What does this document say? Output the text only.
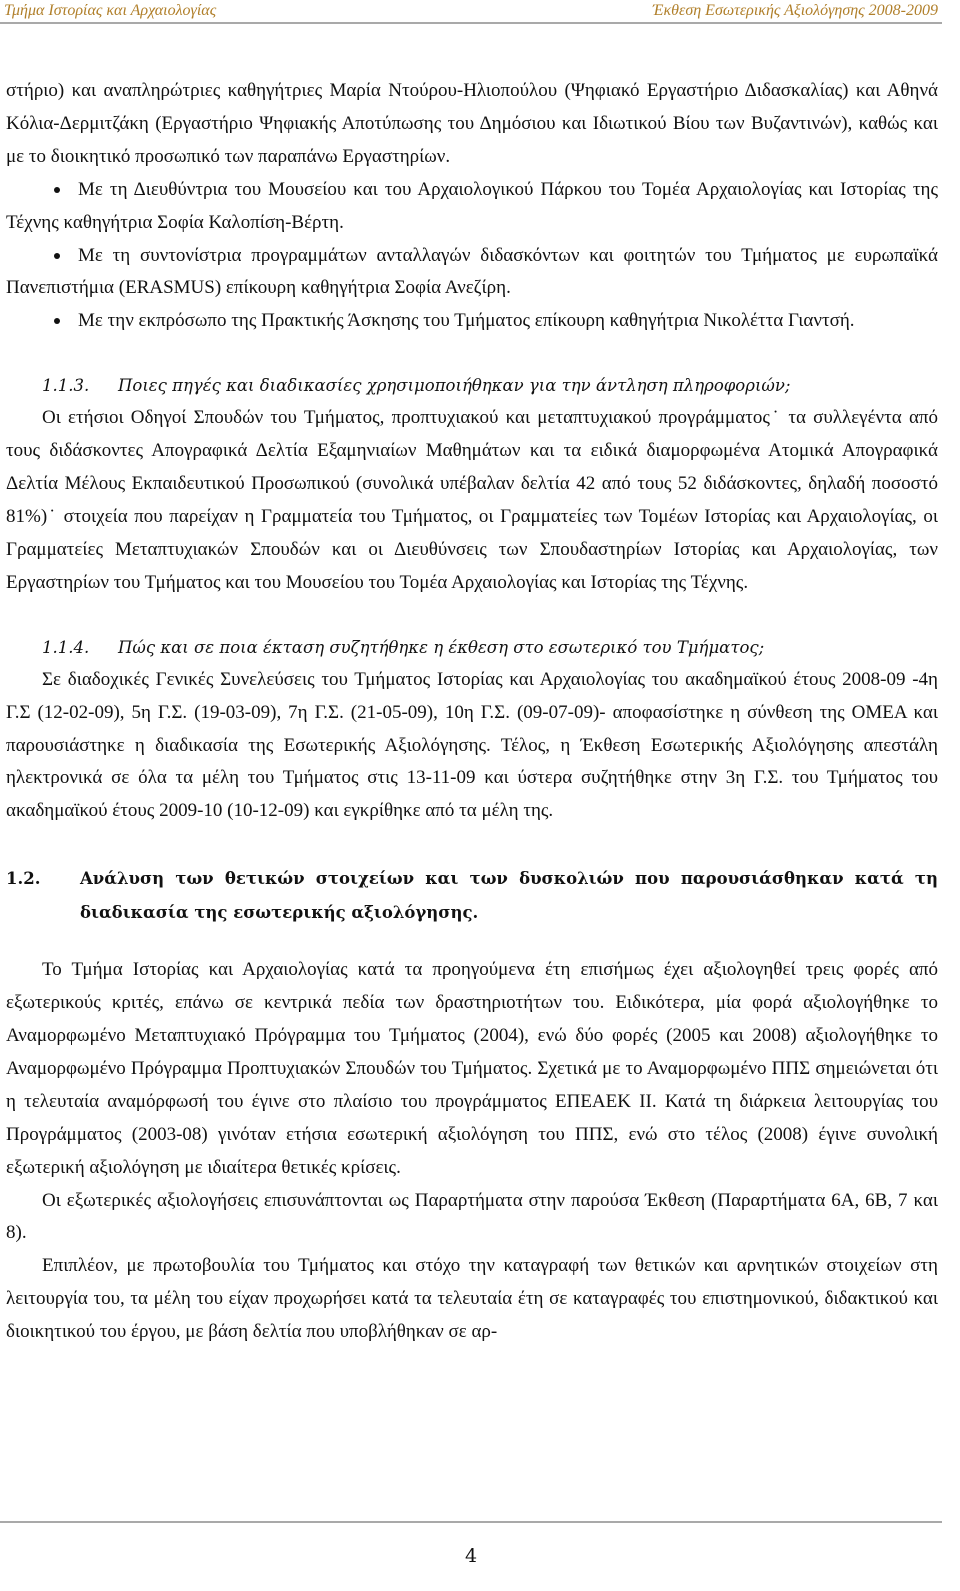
Τμήμα Ιστορίας και Αρχαιολογίας	Έκθεση Εσωτερικής Αξιολόγησης 2008-2009

στήριο) και αναπληρώτριες καθηγήτριες Μαρία Ντούρου-Ηλιοπούλου (Ψηφιακό Εργαστήριο Διδασκαλίας) και Αθηνά Κόλια-Δερμιτζάκη (Εργαστήριο Ψηφιακής Αποτύπωσης του Δημόσιου και Ιδιωτικού Βίου των Βυζαντινών), καθώς και με το διοικητικό προσωπικό των παραπάνω Εργαστηρίων.

Με τη Διευθύντρια του Μουσείου και του Αρχαιολογικού Πάρκου του Τομέα Αρχαιολογίας και Ιστορίας της Τέχνης καθηγήτρια Σοφία Καλοπίση-Βέρτη.

Με τη συντονίστρια προγραμμάτων ανταλλαγών διδασκόντων και φοιτητών του Τμήματος με ευρωπαϊκά Πανεπιστήμια (ERASMUS) επίκουρη καθηγήτρια Σοφία Ανεζίρη.

Με την εκπρόσωπο της Πρακτικής Άσκησης του Τμήματος επίκουρη καθηγήτρια Νικολέττα Γιαντσή.

1.1.3.	Ποιες πηγές και διαδικασίες χρησιμοποιήθηκαν για την άντληση πληροφοριών;

Οι ετήσιοι Οδηγοί Σπουδών του Τμήματος, προπτυχιακού και μεταπτυχιακού προγράμματος˙ τα συλλεγέντα από τους διδάσκοντες Απογραφικά Δελτία Εξαμηνιαίων Μαθημάτων και τα ειδικά διαμορφωμένα Ατομικά Απογραφικά Δελτία Μέλους Εκπαιδευτικού Προσωπικού (συνολικά υπέβαλαν δελτία 42 από τους 52 διδάσκοντες, δηλαδή ποσοστό 81%)˙ στοιχεία που παρείχαν η Γραμματεία του Τμήματος, οι Γραμματείες των Τομέων Ιστορίας και Αρχαιολογίας, οι Γραμματείες Μεταπτυχιακών Σπουδών και οι Διευθύνσεις των Σπουδαστηρίων Ιστορίας και Αρχαιολογίας, των Εργαστηρίων του Τμήματος και του Μουσείου του Τομέα Αρχαιολογίας και Ιστορίας της Τέχνης.

1.1.4.	Πώς και σε ποια έκταση συζητήθηκε η έκθεση στο εσωτερικό του Τμήματος;

Σε διαδοχικές Γενικές Συνελεύσεις του Τμήματος Ιστορίας και Αρχαιολογίας του ακαδημαϊκού έτους 2008-09 -4η Γ.Σ (12-02-09), 5η Γ.Σ. (19-03-09), 7η Γ.Σ. (21-05-09), 10η Γ.Σ. (09-07-09)- αποφασίστηκε η σύνθεση της ΟΜΕΑ και παρουσιάστηκε η διαδικασία της Εσωτερικής Αξιολόγησης. Τέλος, η Έκθεση Εσωτερικής Αξιολόγησης απεστάλη ηλεκτρονικά σε όλα τα μέλη του Τμήματος στις 13-11-09 και ύστερα συζητήθηκε στην 3η Γ.Σ. του Τμήματος του ακαδημαϊκού έτους 2009-10 (10-12-09) και εγκρίθηκε από τα μέλη της.

1.2.	Ανάλυση των θετικών στοιχείων και των δυσκολιών που παρουσιάσθηκαν κατά τη διαδικασία της εσωτερικής αξιολόγησης.

Το Τμήμα Ιστορίας και Αρχαιολογίας κατά τα προηγούμενα έτη επισήμως έχει αξιολογηθεί τρεις φορές από εξωτερικούς κριτές, επάνω σε κεντρικά πεδία των δραστηριοτήτων του. Ειδικότερα, μία φορά αξιολογήθηκε το Αναμορφωμένο Μεταπτυχιακό Πρόγραμμα του Τμήματος (2004), ενώ δύο φορές (2005 και 2008) αξιολογήθηκε το Αναμορφωμένο Πρόγραμμα Προπτυχιακών Σπουδών του Τμήματος. Σχετικά με το Αναμορφωμένο ΠΠΣ σημειώνεται ότι η τελευταία αναμόρφωσή του έγινε στο πλαίσιο του προγράμματος ΕΠΕΑΕΚ ΙΙ. Κατά τη διάρκεια λειτουργίας του Προγράμματος (2003-08) γινόταν ετήσια εσωτερική αξιολόγηση του ΠΠΣ, ενώ στο τέλος (2008) έγινε συνολική εξωτερική αξιολόγηση με ιδιαίτερα θετικές κρίσεις.

Οι εξωτερικές αξιολογήσεις επισυνάπτονται ως Παραρτήματα στην παρούσα Έκθεση (Παραρτήματα 6Α, 6Β, 7 και 8).

Επιπλέον, με πρωτοβουλία του Τμήματος και στόχο την καταγραφή των θετικών και αρνητικών στοιχείων στη λειτουργία του, τα μέλη του είχαν προχωρήσει κατά τα τελευταία έτη σε καταγραφές του επιστημονικού, διδακτικού και διοικητικού του έργου, με βάση δελτία που υποβλήθηκαν σε αρ-

4
